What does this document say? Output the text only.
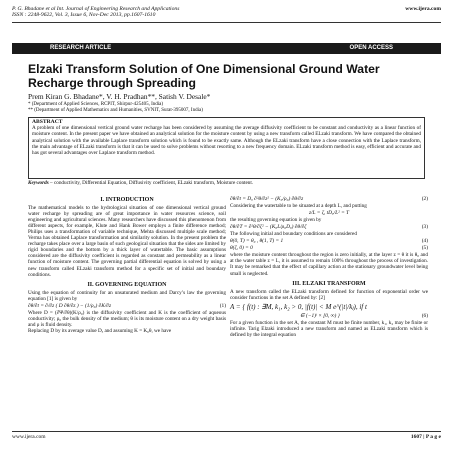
P. G. Bhadane et al Int. Journal of Engineering Research and Applications
ISSN : 2248-9622, Vol. 3, Issue 6, Nov-Dec 2013, pp.1607-1610
www.ijera.com
RESEARCH ARTICLE	OPEN ACCESS
Elzaki Transform Solution of One Dimensional Ground Water Recharge through Spreading
Prem Kiran G. Bhadane*, V. H. Pradhan**, Satish V. Desale*
* (Department of Applied Sciences, RCPIT, Shirpur-425405, India)
** (Department of Applied Mathematics and Humanities, SVNIT, Surat-395007, India)
ABSTRACT
A problem of one dimensional vertical ground water recharge has been considered by assuming the average diffusivity coefficient to be constant and conductivity as a linear function of moisture content. In the present paper we have obtained an analytical solution for the moisture content by using a new transform called ELzaki transform. We have compared the obtained analytical solution with the available Laplace transform solution which is found to be exactly same. Although the ELzaki transform have a close connection with the Laplace transform, the main advantage of ELzaki transform is that it can be used to solve problems without resorting to a new frequency domain. ELzaki transform method is easy, efficient and accurate and has got several advantages over Laplace transform method.
Keywords – conductivity, Differential Equation, Diffusivity coefficient, ELzaki transform, Moisture content.
I. INTRODUCTION
The mathematical models to the hydrological situation of one dimensional vertical ground water recharge by spreading are of great importance in water resources science, soil engineering and agricultural sciences. Many researchers have discussed this phenomenon from different aspects, for example, Klute and Hank Bower employs a finite difference method; Philips uses a transformation of variable technique, Mehta discussed multiple scale method; Verma has obtained Laplace transformation and similarity solution. In the present problem the recharge takes place over a large basin of such geological situation that the sides are limited by rigid boundaries and the bottom by a thick layer of watertable. The basic assumptions considered are the diffusivity coefficient is regarded as constant and permeability as a linear function of moisture content. The governing partial differential equation is solved by using a new transform called ELzaki transform method for a specific set of initial and boundary conditions.
II. GOVERNING EQUATION
Using the equation of continuity for an unsaturated medium and Darcy’s law the governing equation [1] is given by
∂θ/∂t = ∂/∂z ( D ∂θ/∂z ) − (1/ρ₀) ∂K/∂z	(1)
Where D = (∂Ψ/∂θ)(K/ρ₀) is the diffusivity coefficient and K is the coefficient of aqueous conductivity; ρ₀ the bulk density of the medium; θ is its moisture content on a dry weight basis and ρ is fluid density.
Replacing D by its average value Dₐ and assuming K = K₀θ, we have
∂θ/∂t = Dₐ ∂²θ/∂z² − (K₀/ρ₀) ∂θ/∂z	(2)
Considering the watertable to be situated at a depth L, and putting
z/L = ζ, tDₐ/L² = T
the resulting governing equation is given by
∂θ/∂T = ∂²θ/∂ζ² − (K₀L/ρ₀Dₐ) ∂θ/∂ζ	(3)
The following initial and boundary conditions are considered
θ(0, T) = θ₀ , θ(1, T) = 1	(4)
θ(ζ, 0) = 0	(5)
where the moisture content throughout the region is zero initially, at the layer z = θ it is θ₀ and at the water table z = L, it is assumed to remain 100% throughout the process of investigation. It may be remarked that the effect of capillary action at the stationary groundwater level being small is neglected.
III. ELZAKI TRANSFORM
A new transform called the ELzaki transform defined for function of exponential order we consider functions in the set A defined by: [2]
A = { f(t) : ∃M, k₁, k₂ > 0, |f(t)| < M e^(|t|/kⱼ), if t
∈ (−1)ʲ × [0, ∞) }	(6)
For a given function in the set A, the constant M must be finite number, k₁, k₂ may be finite or infinite. Tarig Elzaki introduced a new transform and named as ELzaki transform which is defined by the integral equation
www.ijera.com	1607 | P a g e
